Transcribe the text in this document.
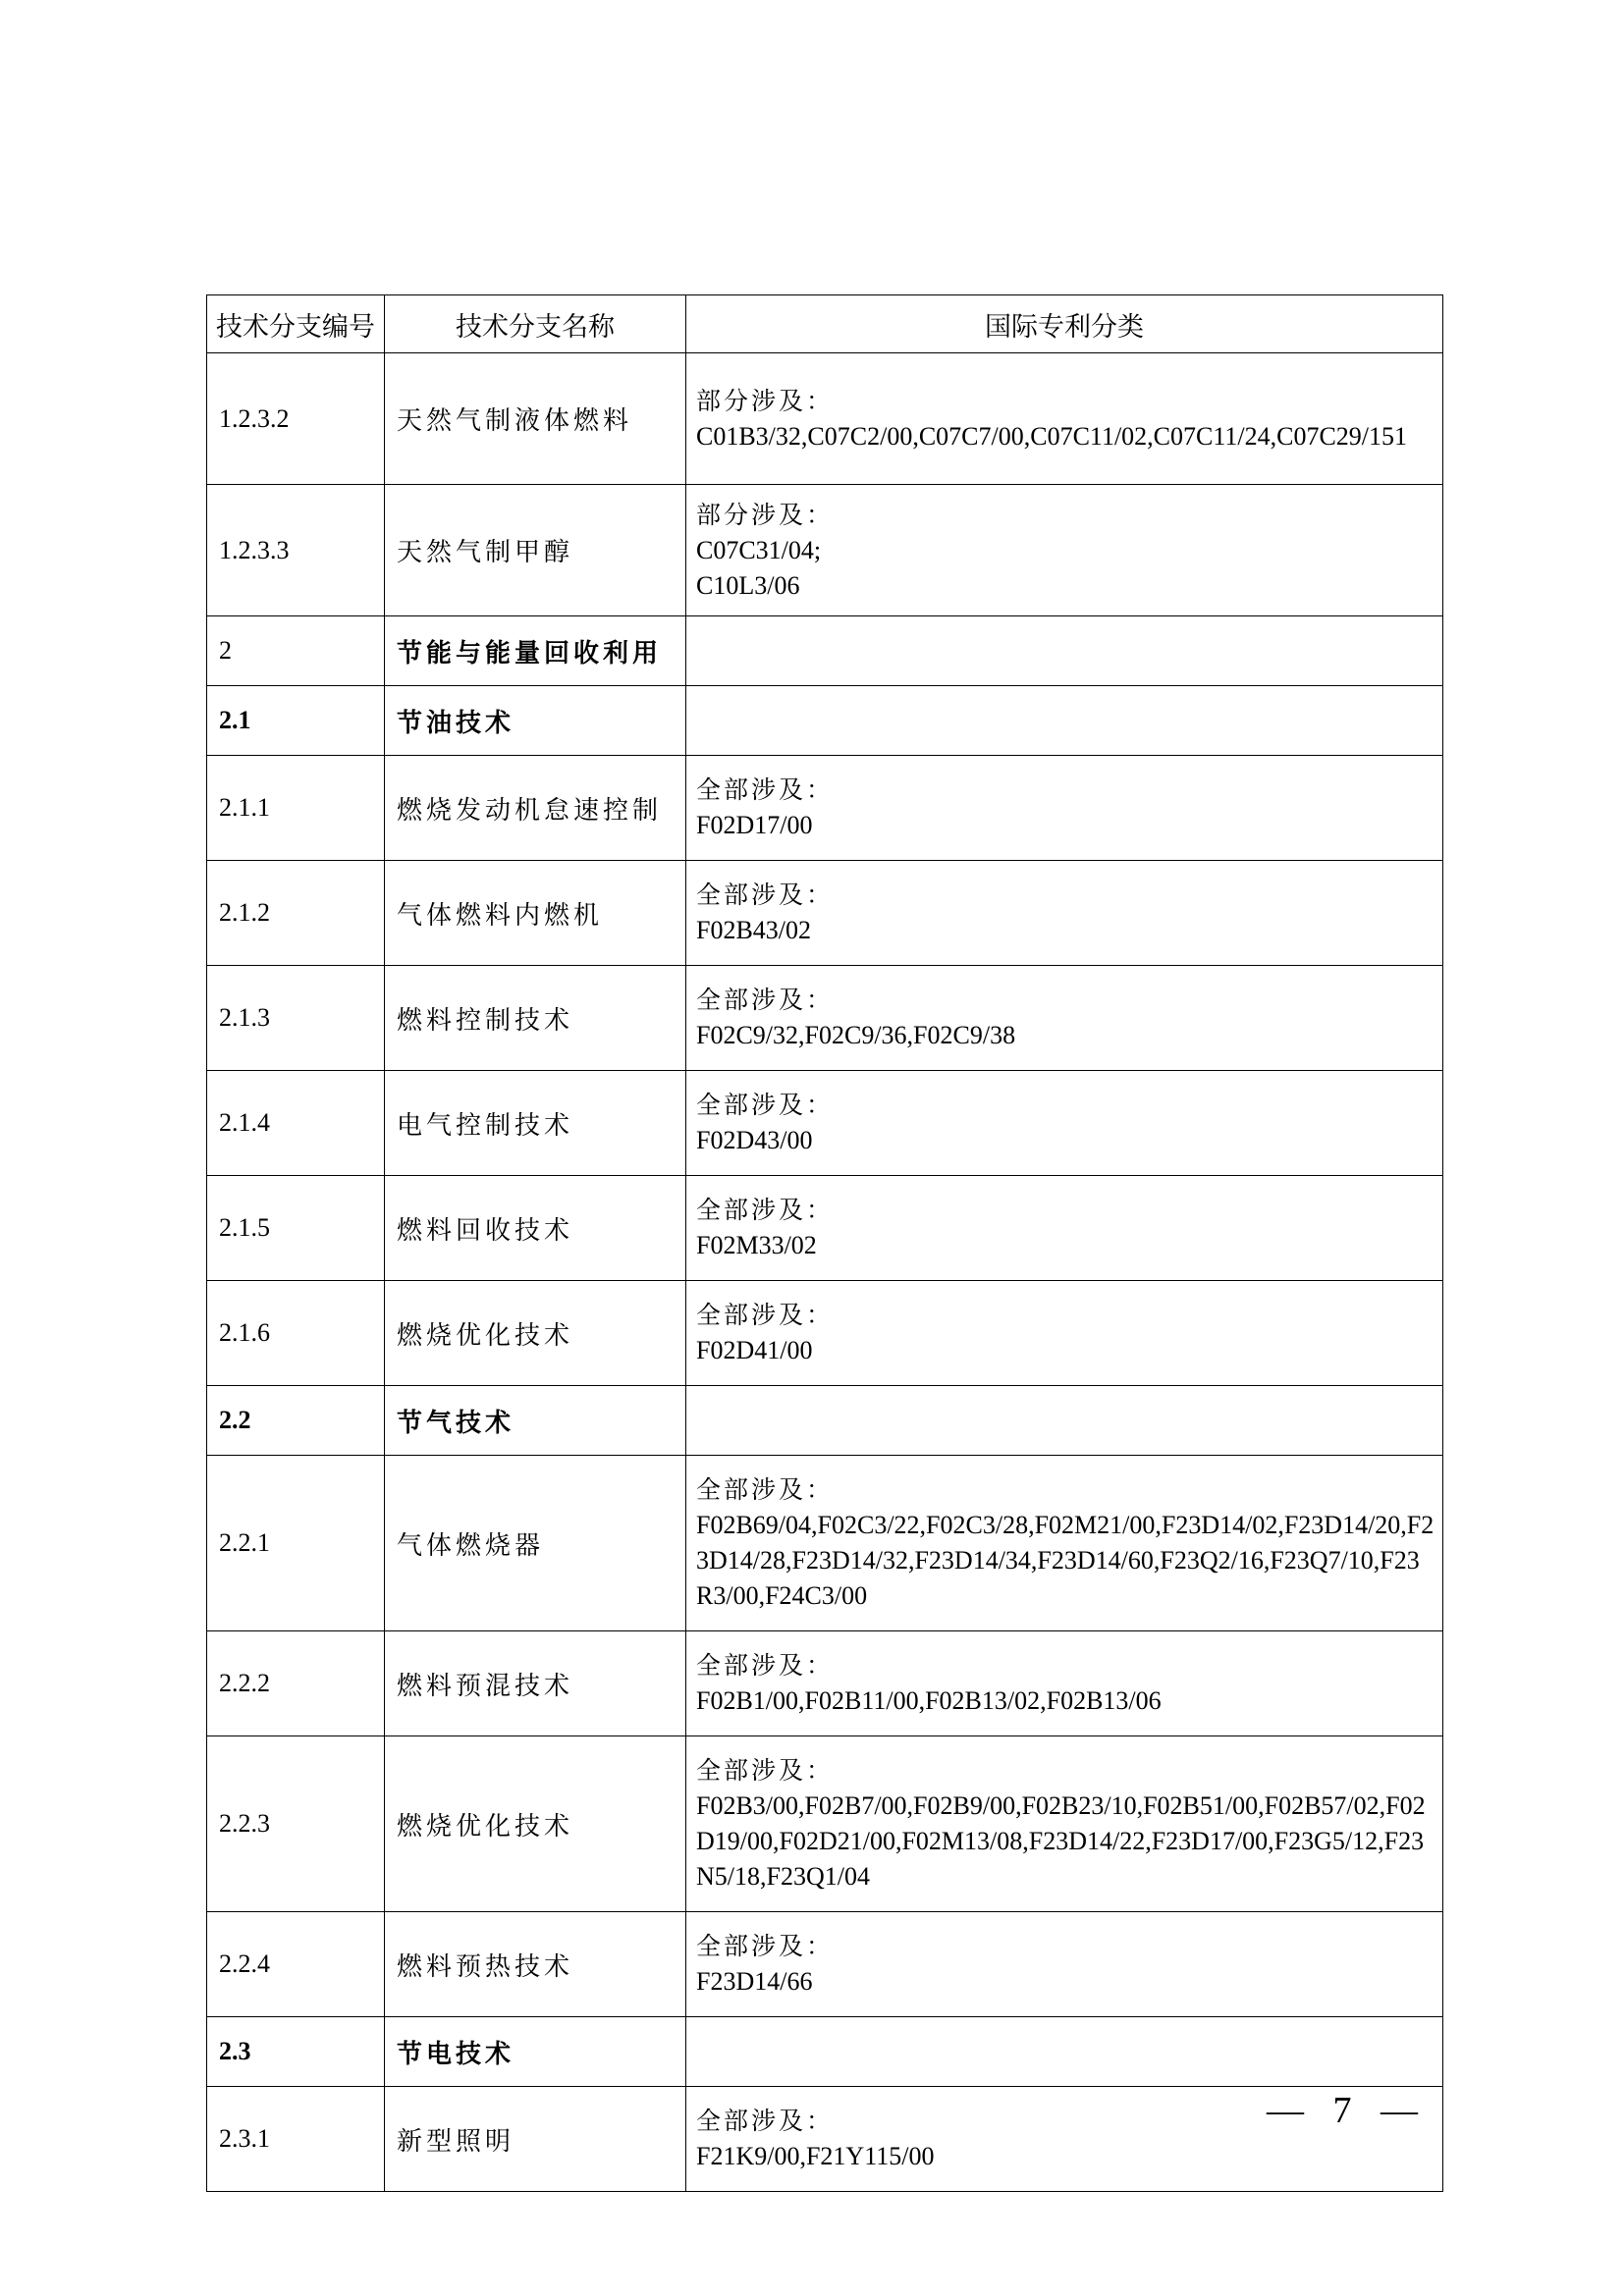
技术分支编号	技术分支名称	国际专利分类
1.2.3.2	天然气制液体燃料	部分涉及：
C01B3/32,C07C2/00,C07C7/00,C07C11/02,C07C11/24,C07C29/151

1.2.3.3	天然气制甲醇	部分涉及：
C07C31/04;
C10L3/06

2	节能与能量回收利用	
2.1	节油技术	
2.1.1	燃烧发动机怠速控制	全部涉及：
F02D17/00

2.1.2	气体燃料内燃机	全部涉及：
F02B43/02

2.1.3	燃料控制技术	全部涉及：
F02C9/32,F02C9/36,F02C9/38

2.1.4	电气控制技术	全部涉及：
F02D43/00

2.1.5	燃料回收技术	全部涉及：
F02M33/02

2.1.6	燃烧优化技术	全部涉及：
F02D41/00

2.2	节气技术	
2.2.1	气体燃烧器	全部涉及：
F02B69/04,F02C3/22,F02C3/28,F02M21/00,F23D14/02,F23D14/20,F23D14/28,F23D14/32,F23D14/34,F23D14/60,F23Q2/16,F23Q7/10,F23R3/00,F24C3/00

2.2.2	燃料预混技术	全部涉及：
F02B1/00,F02B11/00,F02B13/02,F02B13/06

2.2.3	燃烧优化技术	全部涉及：
F02B3/00,F02B7/00,F02B9/00,F02B23/10,F02B51/00,F02B57/02,F02D19/00,F02D21/00,F02M13/08,F23D14/22,F23D17/00,F23G5/12,F23N5/18,F23Q1/04

2.2.4	燃料预热技术	全部涉及：
F23D14/66

2.3	节电技术	
2.3.1	新型照明	全部涉及：
F21K9/00,F21Y115/00
— 7 —
